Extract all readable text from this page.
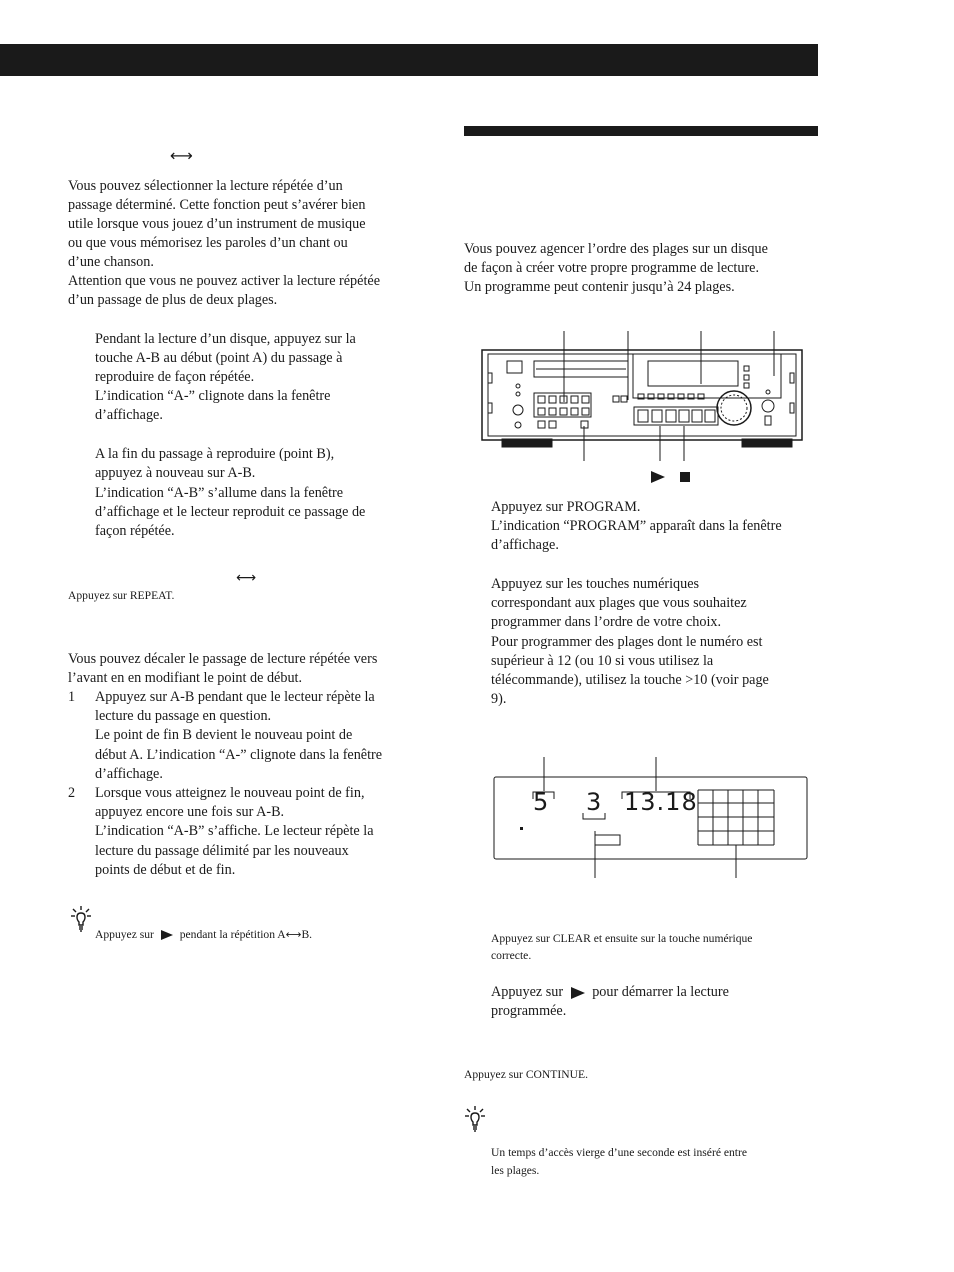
⟷

Vous pouvez sélectionner la lecture répétée d’un

passage déterminé. Cette fonction peut s’avérer bien

utile lorsque vous jouez d’un instrument de musique

ou que vous mémorisez les paroles d’un chant ou

d’une chanson.

Attention que vous ne pouvez activer la lecture répétée

d’un passage de plus de deux plages.

Pendant la lecture d’un disque, appuyez sur la

touche A-B au début (point A) du passage à

reproduire de façon répétée.

L’indication “A-” clignote dans la fenêtre

d’affichage.

A la fin du passage à reproduire (point B),

appuyez à nouveau sur A-B.

L’indication “A-B” s’allume dans la fenêtre

d’affichage et le lecteur reproduit ce passage de

façon répétée.

⟷

Appuyez sur REPEAT.

Vous pouvez décaler le passage de lecture répétée vers

l’avant en en modifiant le point de début.

1 Appuyez sur A-B pendant que le lecteur répète la

lecture du passage en question.

Le point de fin B devient le nouveau point de

début A. L’indication “A-” clignote dans la fenêtre

d’affichage.

2 Lorsque vous atteignez le nouveau point de fin,

appuyez encore une fois sur A-B.

L’indication “A-B” s’affiche. Le lecteur répète la

lecture du passage délimité par les nouveaux

points de début et de fin.

Appuyez sur pendant la répétition A⟷B.

Vous pouvez agencer l’ordre des plages sur un disque

de façon à créer votre propre programme de lecture.

Un programme peut contenir jusqu’à 24 plages.

Appuyez sur PROGRAM.

L’indication “PROGRAM” apparaît dans la fenêtre

d’affichage.

Appuyez sur les touches numériques

correspondant aux plages que vous souhaitez

programmer dans l’ordre de votre choix.

Pour programmer des plages dont le numéro est

supérieur à 12 (ou 10 si vous utilisez la

télécommande), utilisez la touche >10 (voir page

9).

5 3 13.18

Appuyez sur CLEAR et ensuite sur la touche numérique

correcte.

Appuyez sur pour démarrer la lecture

programmée.

Appuyez sur CONTINUE.

Un temps d’accès vierge d’une seconde est inséré entre

les plages.
